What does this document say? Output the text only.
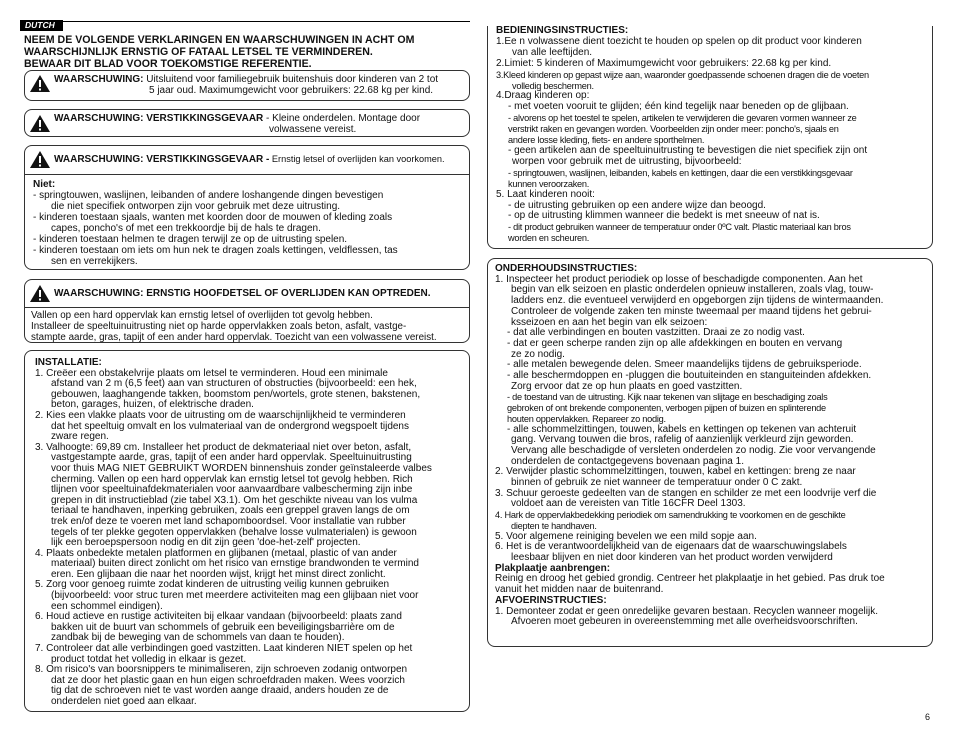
DUTCH
NEEM DE VOLGENDE VERKLARINGEN EN WAARSCHUWINGEN IN ACHT OM
WAARSCHIJNLIJK ERNSTIG OF FATAAL LETSEL TE VERMINDEREN.
BEWAAR DIT BLAD VOOR TOEKOMSTIGE REFERENTIE.
WAARSCHUWING: Uitsluitend voor familiegebruik buitenshuis door kinderen van 2 tot
5 jaar oud. Maximumgewicht voor gebruikers: 22.68 kg per kind.
WAARSCHUWING: VERSTIKKINGSGEVAAR - Kleine onderdelen. Montage door
volwassene vereist.
WAARSCHUWING: VERSTIKKINGSGEVAAR - Ernstig letsel of overlijden kan voorkomen.
Niet:
- springtouwen, waslijnen, leibanden of andere loshangende dingen bevestigen
die niet specifiek ontworpen zijn voor gebruik met deze uitrusting.
- kinderen toestaan sjaals, wanten met koorden door de mouwen of kleding zoals
capes, poncho's of met een trekkoordje bij de hals te dragen.
- kinderen toestaan helmen te dragen terwijl ze op de uitrusting spelen.
- kinderen toestaan om iets om hun nek te dragen zoals kettingen, veldflessen, tas
sen en verrekijkers.
WAARSCHUWING: ERNSTIG HOOFDETSEL OF OVERLIJDEN KAN OPTREDEN.
Vallen op een hard oppervlak kan ernstig letsel of overlijden tot gevolg hebben.
Installeer de speeltuinuitrusting niet op harde oppervlakken zoals beton, asfalt, vastge-
stampte aarde, gras, tapijt of een ander hard oppervlak. Toezicht van een volwassene vereist.
INSTALLATIE:
1. Creëer een obstakelvrije plaats om letsel te verminderen. Houd een minimale
afstand van 2 m (6,5 feet) aan van structuren of obstructies (bijvoorbeeld: een hek,
gebouwen, laaghangende takken, boomstom pen/wortels, grote stenen, bakstenen,
beton, garages, huizen, of elektrische draden.
2. Kies een vlakke plaats voor de uitrusting om de waarschijnlijkheid te verminderen
dat het speeltuig omvalt en los vulmateriaal van de ondergrond wegspoelt tijdens
zware regen.
3. Valhoogte: 69,89 cm. Installeer het product de dekmateriaal niet over beton, asfalt,
vastgestampte aarde, gras, tapijt of een ander hard oppervlak. Speeltuinuitrusting
voor thuis MAG NIET GEBRUIKT WORDEN binnenshuis zonder geïnstaleerde valbes
cherming. Vallen op een hard oppervlak kan ernstig letsel tot gevolg hebben. Rich
tlijnen voor speeltuinafdekmaterialen voor aanvaardbare valbescherming zijn inbe
grepen in dit instructieblad (zie tabel X3.1). Om het geschikte niveau van los vulma
teriaal te handhaven, inperking gebruiken, zoals een greppel graven langs de om
trek en/of deze te voeren met land schapomboordsel. Voor installatie van rubber
tegels of ter plekke gegoten oppervlakken (behalve losse vulmaterialen) is gewoon
lijk een beroepspersoon nodig en dit zijn geen 'doe-het-zelf' projecten.
4. Plaats onbedekte metalen platformen en glijbanen (metaal, plastic of van ander
materiaal) buiten direct zonlicht om het risico van ernstige brandwonden te vermind
eren. Een glijbaan die naar het noorden wijst, krijgt het minst direct zonlicht.
5. Zorg voor genoeg ruimte zodat kinderen de uitrusting veilig kunnen gebruiken
(bijvoorbeeld: voor struc turen met meerdere activiteiten mag een glijbaan niet voor
een schommel eindigen).
6. Houd actieve en rustige activiteiten bij elkaar vandaan (bijvoorbeeld: plaats zand
bakken uit de buurt van schommels of gebruik een beveiligingsbarrière om de
zandbak bij de beweging van de schommels van daan te houden).
7. Controleer dat alle verbindingen goed vastzitten. Laat kinderen NIET spelen op het
product totdat het volledig in elkaar is gezet.
8. Om risico's van boorsnippers te minimaliseren, zijn schroeven zodanig ontworpen
dat ze door het plastic gaan en hun eigen schroefdraden maken. Wees voorzich
tig dat de schroeven niet te vast worden aange draaid, anders houden ze de
onderdelen niet goed aan elkaar.
BEDIENINGSINSTRUCTIES:
1.Ee n volwassene dient toezicht te houden op spelen op dit product voor kinderen
van alle leeftijden.
2.Limiet: 5 kinderen of Maximumgewicht voor gebruikers: 22.68 kg per kind.
3.Kleed kinderen op gepast wijze aan, waaronder goedpassende schoenen dragen die de voeten
volledig beschermen.
4.Draag kinderen op:
- met voeten vooruit te glijden; één kind tegelijk naar beneden op de glijbaan.
- alvorens op het toestel te spelen, artikelen te verwijderen die gevaren vormen wanneer ze
verstrikt raken en gevangen worden. Voorbeelden zijn onder meer: poncho's, sjaals en
andere losse kleding, fiets- en andere sporthelmen.
- geen artikelen aan de speeltuinuitrusting te bevestigen die niet specifiek zijn ont
worpen voor gebruik met de uitrusting, bijvoorbeeld:
- springtouwen, waslijnen, leibanden, kabels en kettingen, daar die een verstikkingsgevaar
kunnen veroorzaken.
5. Laat kinderen nooit:
- de uitrusting gebruiken op een andere wijze dan beoogd.
- op de uitrusting klimmen wanneer die bedekt is met sneeuw of nat is.
- dit product gebruiken wanneer de temperatuur onder 0ºC valt. Plastic materiaal kan bros
worden en scheuren.
ONDERHOUDSINSTRUCTIES:
1. Inspecteer het product periodiek op losse of beschadigde componenten. Aan het
begin van elk seizoen en plastic onderdelen opnieuw installeren, zoals vlag, touw-
ladders enz. die eventueel verwijderd en opgeborgen zijn tijdens de wintermaanden.
Controleer de volgende zaken ten minste tweemaal per maand tijdens het gebrui-
ksseizoen en aan het begin van elk seizoen:
- dat alle verbindingen en bouten vastzitten. Draai ze zo nodig vast.
- dat er geen scherpe randen zijn op alle afdekkingen en bouten en vervang
ze zo nodig.
- alle metalen bewegende delen. Smeer maandelijks tijdens de gebruiksperiode.
- alle beschermdoppen en -pluggen die boutuiteinden en stanguiteinden afdekken.
Zorg ervoor dat ze op hun plaats en goed vastzitten.
- de toestand van de uitrusting. Kijk naar tekenen van slijtage en beschadiging zoals
gebroken of ont brekende componenten, verbogen pijpen of buizen en splinterende
houten oppervlakken. Repareer zo nodig.
- alle schommelzittingen, touwen, kabels en kettingen op tekenen van achteruit
gang. Vervang touwen die bros, rafelig of aanzienlijk verkleurd zijn geworden.
Vervang alle beschadigde of versleten onderdelen zo nodig. Zie voor vervangende
onderdelen de contactgegevens bovenaan pagina 1.
2. Verwijder plastic schommelzittingen, touwen, kabel en kettingen: breng ze naar
binnen of gebruik ze niet wanneer de temperatuur onder 0 C zakt.
3. Schuur geroeste gedeelten van de stangen en schilder ze met een loodvrije verf die
voldoet aan de vereisten van Title 16CFR Deel 1303.
4. Hark de oppervlakbedekking periodiek om samendrukking te voorkomen en de geschikte
diepten te handhaven.
5. Voor algemene reiniging bevelen we een mild sopje aan.
6. Het is de verantwoordelijkheid van de eigenaars dat de waarschuwingslabels
leesbaar blijven en niet door kinderen van het product worden verwijderd
Plakplaatje aanbrengen:
Reinig en droog het gebied grondig. Centreer het plakplaatje in het gebied. Pas druk toe
vanuit het midden naar de buitenrand.
AFVOERINSTRUCTIES:
1. Demonteer zodat er geen onredelijke gevaren bestaan. Recyclen wanneer mogelijk.
Afvoeren moet gebeuren in overeenstemming met alle overheidsvoorschriften.
6
